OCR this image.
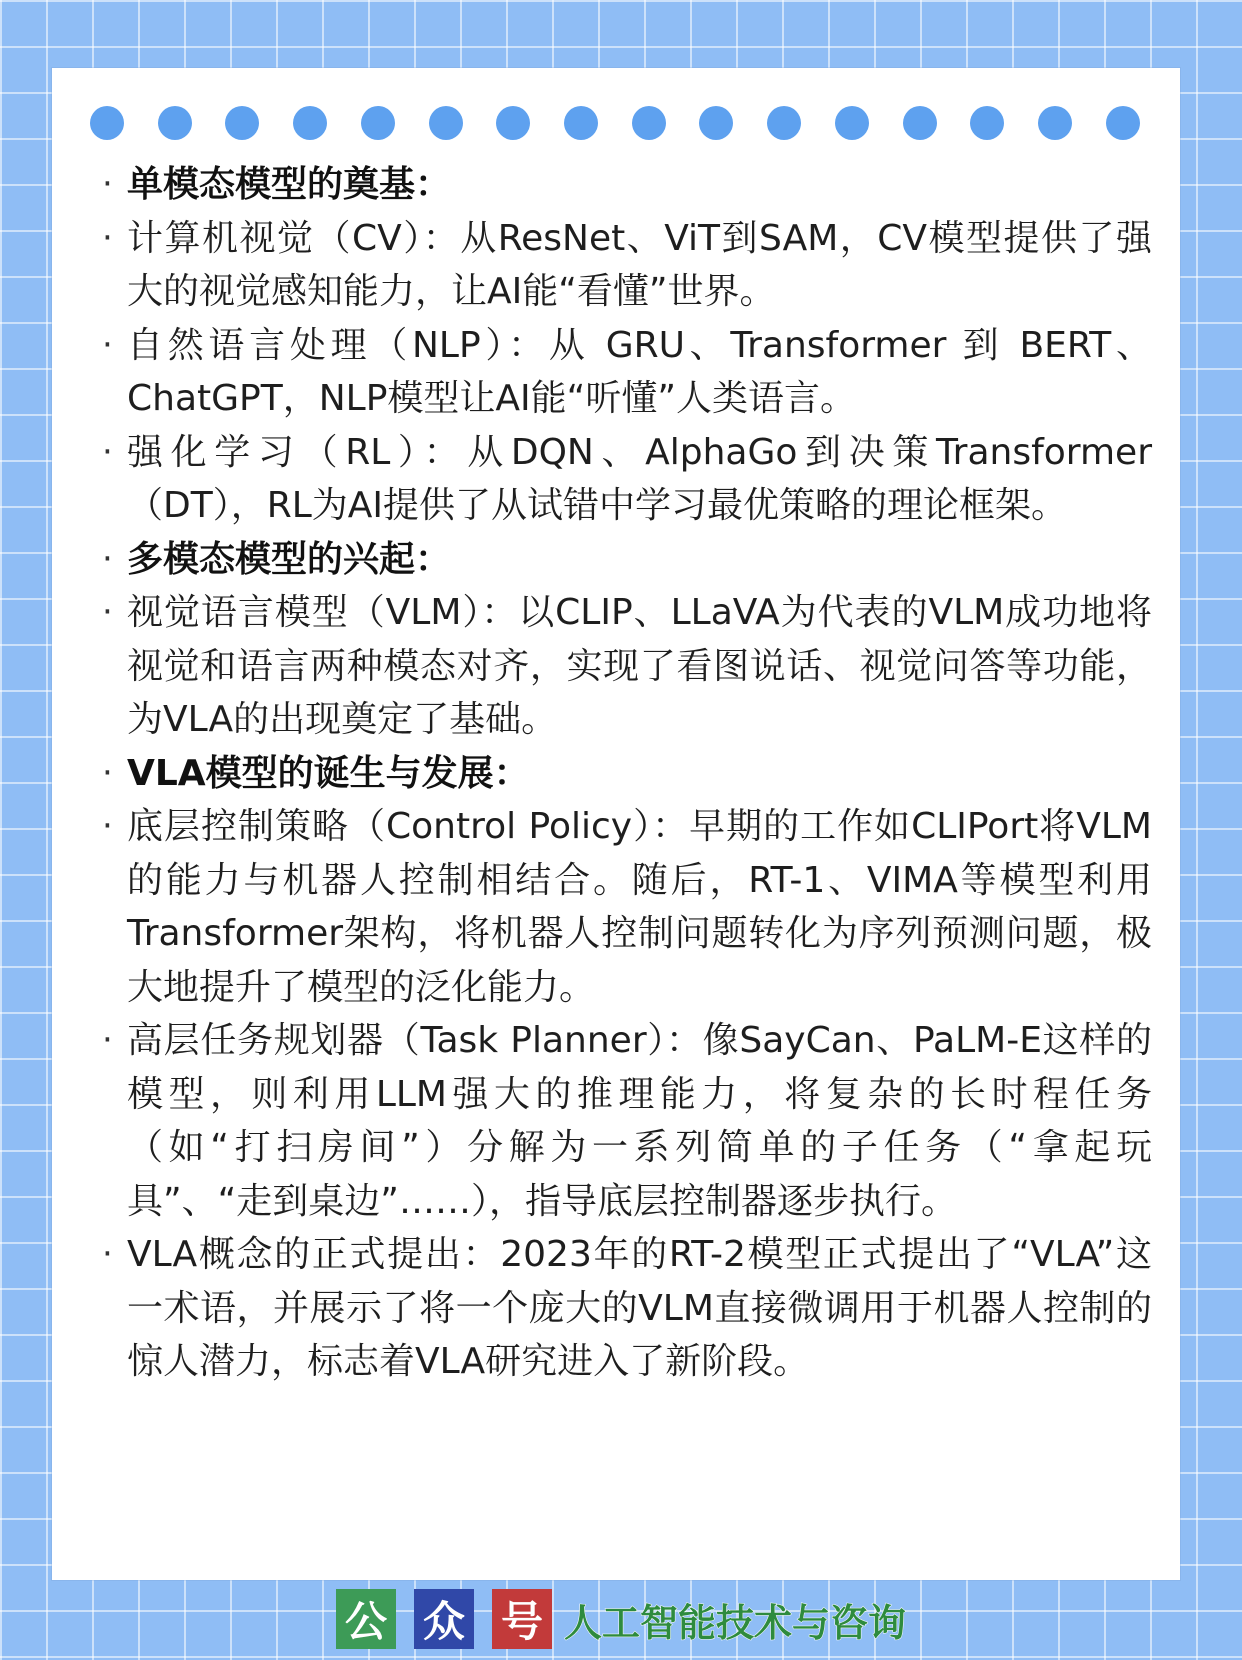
· 单模态模型的奠基：

· 计算机视觉（CV）：从ResNet、ViT到SAM，CV模型提供了强大的视觉感知能力，让AI能“看懂”世界。

· 自然语言处理（NLP）：从 GRU、Transformer 到 BERT、ChatGPT，NLP模型让AI能“听懂”人类语言。

· 强化学习（RL）：从DQN、AlphaGo到决策Transformer（DT），RL为AI提供了从试错中学习最优策略的理论框架。

· 多模态模型的兴起：

· 视觉语言模型（VLM）：以CLIP、LLaVA为代表的VLM成功地将视觉和语言两种模态对齐，实现了看图说话、视觉问答等功能，为VLA的出现奠定了基础。

· VLA模型的诞生与发展：

· 底层控制策略（Control Policy）：早期的工作如CLIPort将VLM的能力与机器人控制相结合。随后，RT-1、VIMA等模型利用Transformer架构，将机器人控制问题转化为序列预测问题，极大地提升了模型的泛化能力。

· 高层任务规划器（Task Planner）：像SayCan、PaLM-E这样的模型，则利用LLM强大的推理能力，将复杂的长时程任务（如“打扫房间”）分解为一系列简单的子任务（“拿起玩具”、“走到桌边”……），指导底层控制器逐步执行。

· VLA概念的正式提出：2023年的RT-2模型正式提出了“VLA”这一术语，并展示了将一个庞大的VLM直接微调用于机器人控制的惊人潜力，标志着VLA研究进入了新阶段。

公 众 号 人工智能技术与咨询
